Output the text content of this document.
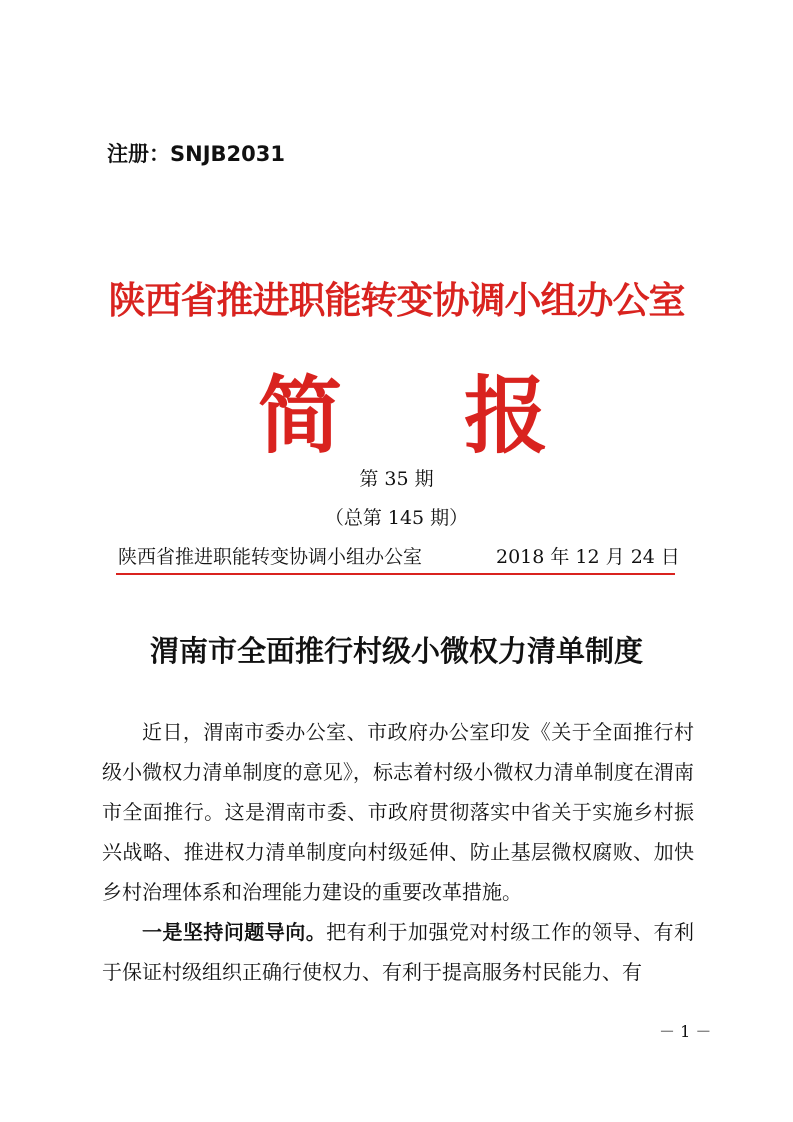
注册：SNJB2031
陕西省推进职能转变协调小组办公室
简 报
第 35 期
（总第 145 期）
陕西省推进职能转变协调小组办公室	2018 年 12 月 24 日
渭南市全面推行村级小微权力清单制度

近日，渭南市委办公室、市政府办公室印发《关于全面推行村级小微权力清单制度的意见》，标志着村级小微权力清单制度在渭南市全面推行。这是渭南市委、市政府贯彻落实中省关于实施乡村振兴战略、推进权力清单制度向村级延伸、防止基层微权腐败、加快乡村治理体系和治理能力建设的重要改革措施。

一是坚持问题导向。把有利于加强党对村级工作的领导、有利于保证村级组织正确行使权力、有利于提高服务村民能力、有

－ 1 －
